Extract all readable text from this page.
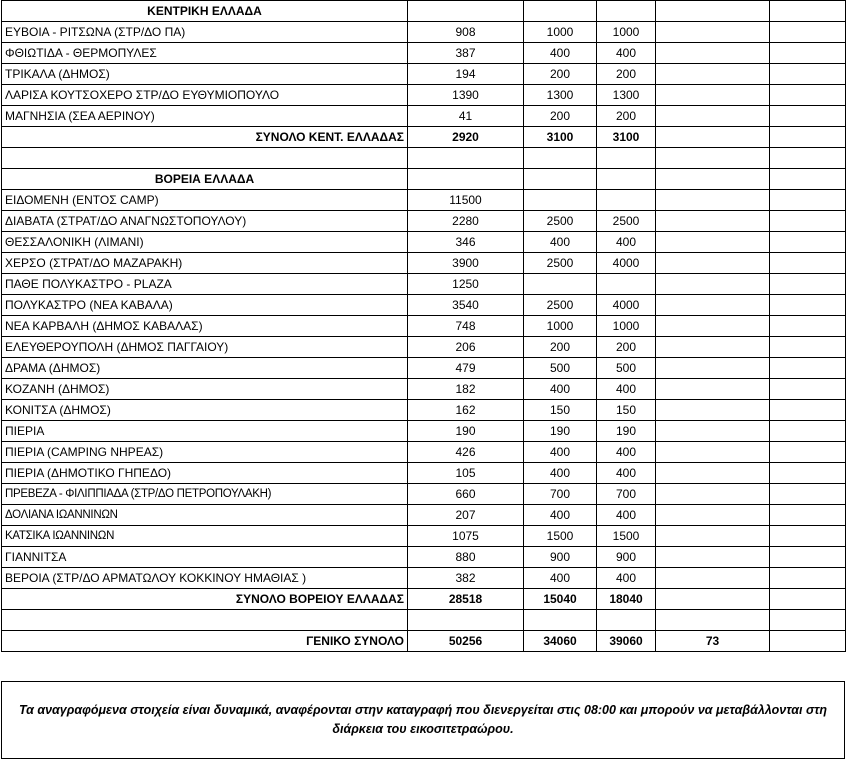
ΚΕΝΤΡΙΚΗ ΕΛΛΑΔΑ					
ΕΥΒΟΙΑ - ΡΙΤΣΩΝΑ (ΣΤΡ/ΔΟ ΠΑ)	908	1000	1000		
ΦΘΙΩΤΙΔΑ - ΘΕΡΜΟΠΥΛΕΣ	387	400	400		
ΤΡΙΚΑΛΑ (ΔΗΜΟΣ)	194	200	200		
ΛΑΡΙΣΑ ΚΟΥΤΣΟΧΕΡΟ ΣΤΡ/ΔΟ ΕΥΘΥΜΙΟΠΟΥΛΟ	1390	1300	1300		
ΜΑΓΝΗΣΙΑ (ΣΕΑ ΑΕΡΙΝΟΥ)	41	200	200		
ΣΥΝΟΛΟ ΚΕΝΤ. ΕΛΛΑΔΑΣ	2920	3100	3100		

ΒΟΡΕΙΑ ΕΛΛΑΔΑ					
ΕΙΔΟΜΕΝΗ (ΕΝΤΟΣ CAMP)	11500				
ΔΙΑΒΑΤΑ (ΣΤΡΑΤ/ΔΟ ΑΝΑΓΝΩΣΤΟΠΟΥΛΟΥ)	2280	2500	2500		
ΘΕΣΣΑΛΟΝΙΚΗ (ΛΙΜΑΝΙ)	346	400	400		
ΧΕΡΣΟ (ΣΤΡΑΤ/ΔΟ ΜΑΖΑΡΑΚΗ)	3900	2500	4000		
ΠΑΘΕ ΠΟΛΥΚΑΣΤΡΟ - PLAZA	1250				
ΠΟΛΥΚΑΣΤΡΟ (ΝΕΑ ΚΑΒΑΛΑ)	3540	2500	4000		
ΝΕΑ ΚΑΡΒΑΛΗ (ΔΗΜΟΣ ΚΑΒΑΛΑΣ)	748	1000	1000		
ΕΛΕΥΘΕΡΟΥΠΟΛΗ (ΔΗΜΟΣ ΠΑΓΓΑΙΟΥ)	206	200	200		
ΔΡΑΜΑ (ΔΗΜΟΣ)	479	500	500		
ΚΟΖΑΝΗ (ΔΗΜΟΣ)	182	400	400		
ΚΟΝΙΤΣΑ (ΔΗΜΟΣ)	162	150	150		
ΠΙΕΡΙΑ	190	190	190		
ΠΙΕΡΙΑ (CAMPING ΝΗΡΕΑΣ)	426	400	400		
ΠΙΕΡΙΑ (ΔΗΜΟΤΙΚΟ ΓΗΠΕΔΟ)	105	400	400		
ΠΡΕΒΕΖΑ - ΦΙΛΙΠΠΙΑΔΑ (ΣΤΡ/ΔΟ ΠΕΤΡΟΠΟΥΛΑΚΗ)	660	700	700		
ΔΟΛΙΑΝΑ ΙΩΑΝΝΙΝΩΝ	207	400	400		
ΚΑΤΣΙΚΑ ΙΩΑΝΝΙΝΩΝ	1075	1500	1500		
ΓΙΑΝΝΙΤΣΑ	880	900	900		
ΒΕΡΟΙΑ (ΣΤΡ/ΔΟ ΑΡΜΑΤΩΛΟΥ ΚΟΚΚΙΝΟΥ ΗΜΑΘΙΑΣ )	382	400	400		
ΣΥΝΟΛΟ ΒΟΡΕΙΟΥ ΕΛΛΑΔΑΣ	28518	15040	18040		

ΓΕΝΙΚΟ ΣΥΝΟΛΟ	50256	34060	39060	73	
Τα αναγραφόμενα στοιχεία είναι δυναμικά, αναφέρονται στην καταγραφή που διενεργείται στις 08:00 και μπορούν να μεταβάλλονται στη διάρκεια του εικοσιτετραώρου.
